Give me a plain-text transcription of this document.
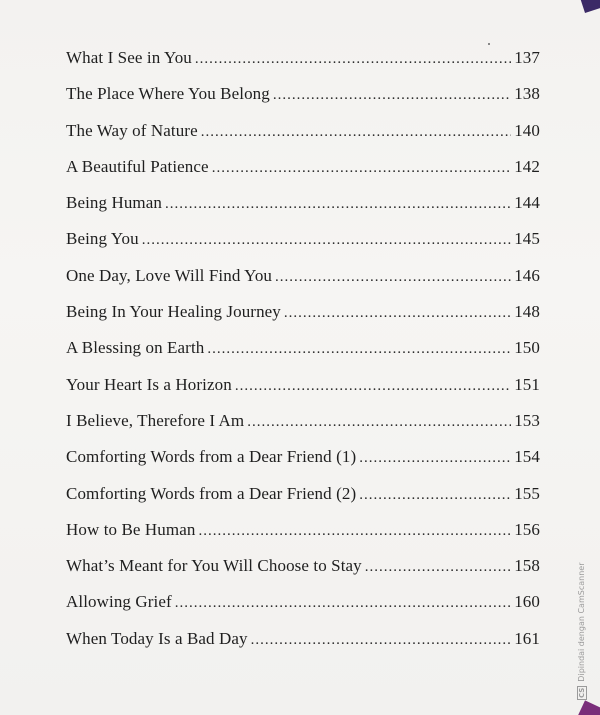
What I See in You .....	137
The Place Where You Belong .....	138
The Way of Nature .....	140
A Beautiful Patience .....	142
Being Human .....	144
Being You .....	145
One Day, Love Will Find You .....	146
Being In Your Healing Journey .....	148
A Blessing on Earth .....	150
Your Heart Is a Horizon .....	151
I Believe, Therefore I Am .....	153
Comforting Words from a Dear Friend (1) .....	154
Comforting Words from a Dear Friend (2) .....	155
How to Be Human .....	156
What’s Meant for You Will Choose to Stay .....	158
Allowing Grief .....	160
When Today Is a Bad Day .....	161
CSDipindai dengan CamScanner
